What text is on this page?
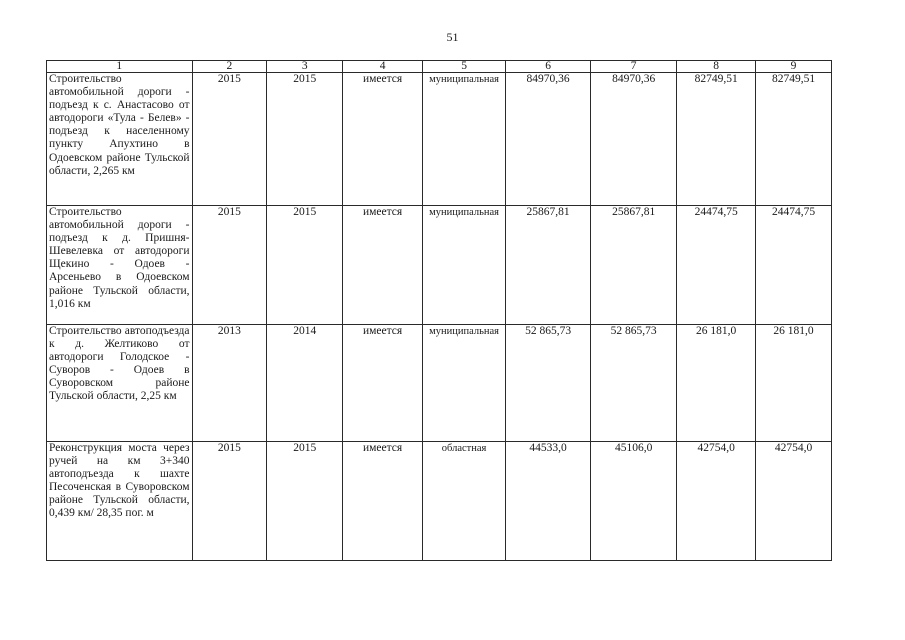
51
1	2	3	4	5	6	7	8	9
Строительство автомобильной дороги - подъезд к с. Анастасово от автодороги «Тула - Белев» - подъезд к населенному пункту Апухтино в Одоевском районе Тульской области, 2,265 км	2015	2015	имеется	муниципальная	84970,36	84970,36	82749,51	82749,51
Строительство автомобильной дороги - подъезд к д. Пришня-Шевелевка от автодороги Щекино - Одоев - Арсеньево в Одоевском районе Тульской области, 1,016 км	2015	2015	имеется	муниципальная	25867,81	25867,81	24474,75	24474,75
Строительство автоподъезда к д. Желтиково от автодороги Голодское - Суворов - Одоев в Суворовском районе Тульской области, 2,25 км	2013	2014	имеется	муниципальная	52 865,73	52 865,73	26 181,0	26 181,0
Реконструкция моста через ручей на км 3+340 автоподъезда к шахте Песоченская в Суворовском районе Тульской области, 0,439 км/ 28,35 пог. м	2015	2015	имеется	областная	44533,0	45106,0	42754,0	42754,0
